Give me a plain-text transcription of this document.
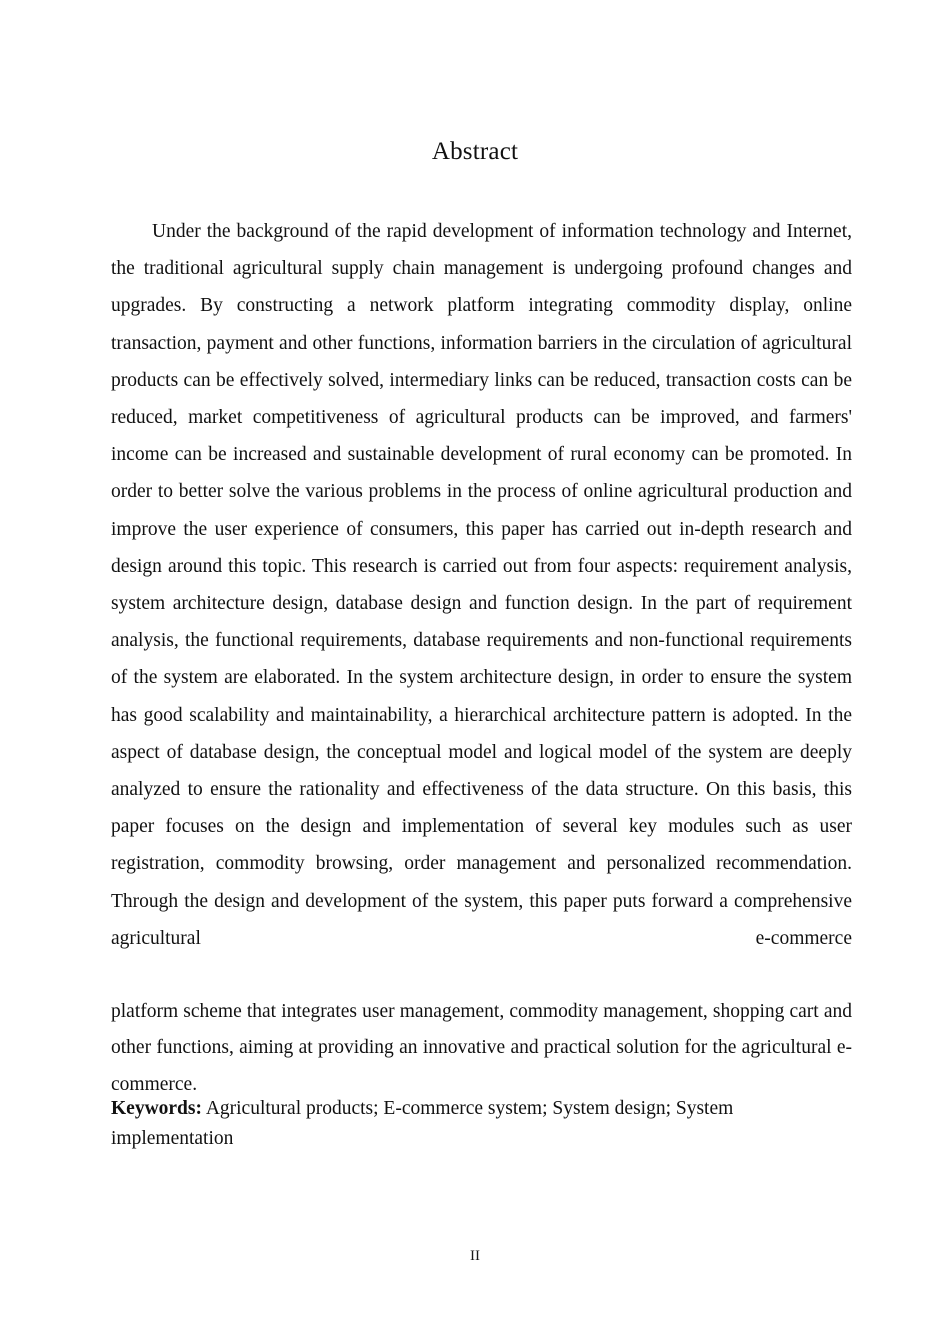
Abstract

Under the background of the rapid development of information technology and Internet, the traditional agricultural supply chain management is undergoing profound changes and upgrades. By constructing a network platform integrating commodity display, online transaction, payment and other functions, information barriers in the circulation of agricultural products can be effectively solved, intermediary links can be reduced, transaction costs can be reduced, market competitiveness of agricultural products can be improved, and farmers' income can be increased and sustainable development of rural economy can be promoted. In order to better solve the various problems in the process of online agricultural production and improve the user experience of consumers, this paper has carried out in-depth research and design around this topic. This research is carried out from four aspects: requirement analysis, system architecture design, database design and function design. In the part of requirement analysis, the functional requirements, database requirements and non-functional requirements of the system are elaborated. In the system architecture design, in order to ensure the system has good scalability and maintainability, a hierarchical architecture pattern is adopted. In the aspect of database design, the conceptual model and logical model of the system are deeply analyzed to ensure the rationality and effectiveness of the data structure. On this basis, this paper focuses on the design and implementation of several key modules such as user registration, commodity browsing, order management and personalized recommendation. Through the design and development of the system, this paper puts forward a comprehensive agricultural e-commerce

platform scheme that integrates user management, commodity management, shopping cart and other functions, aiming at providing an innovative and practical solution for the agricultural e-commerce.

Keywords: Agricultural products; E-commerce system; System design; System implementation

II
